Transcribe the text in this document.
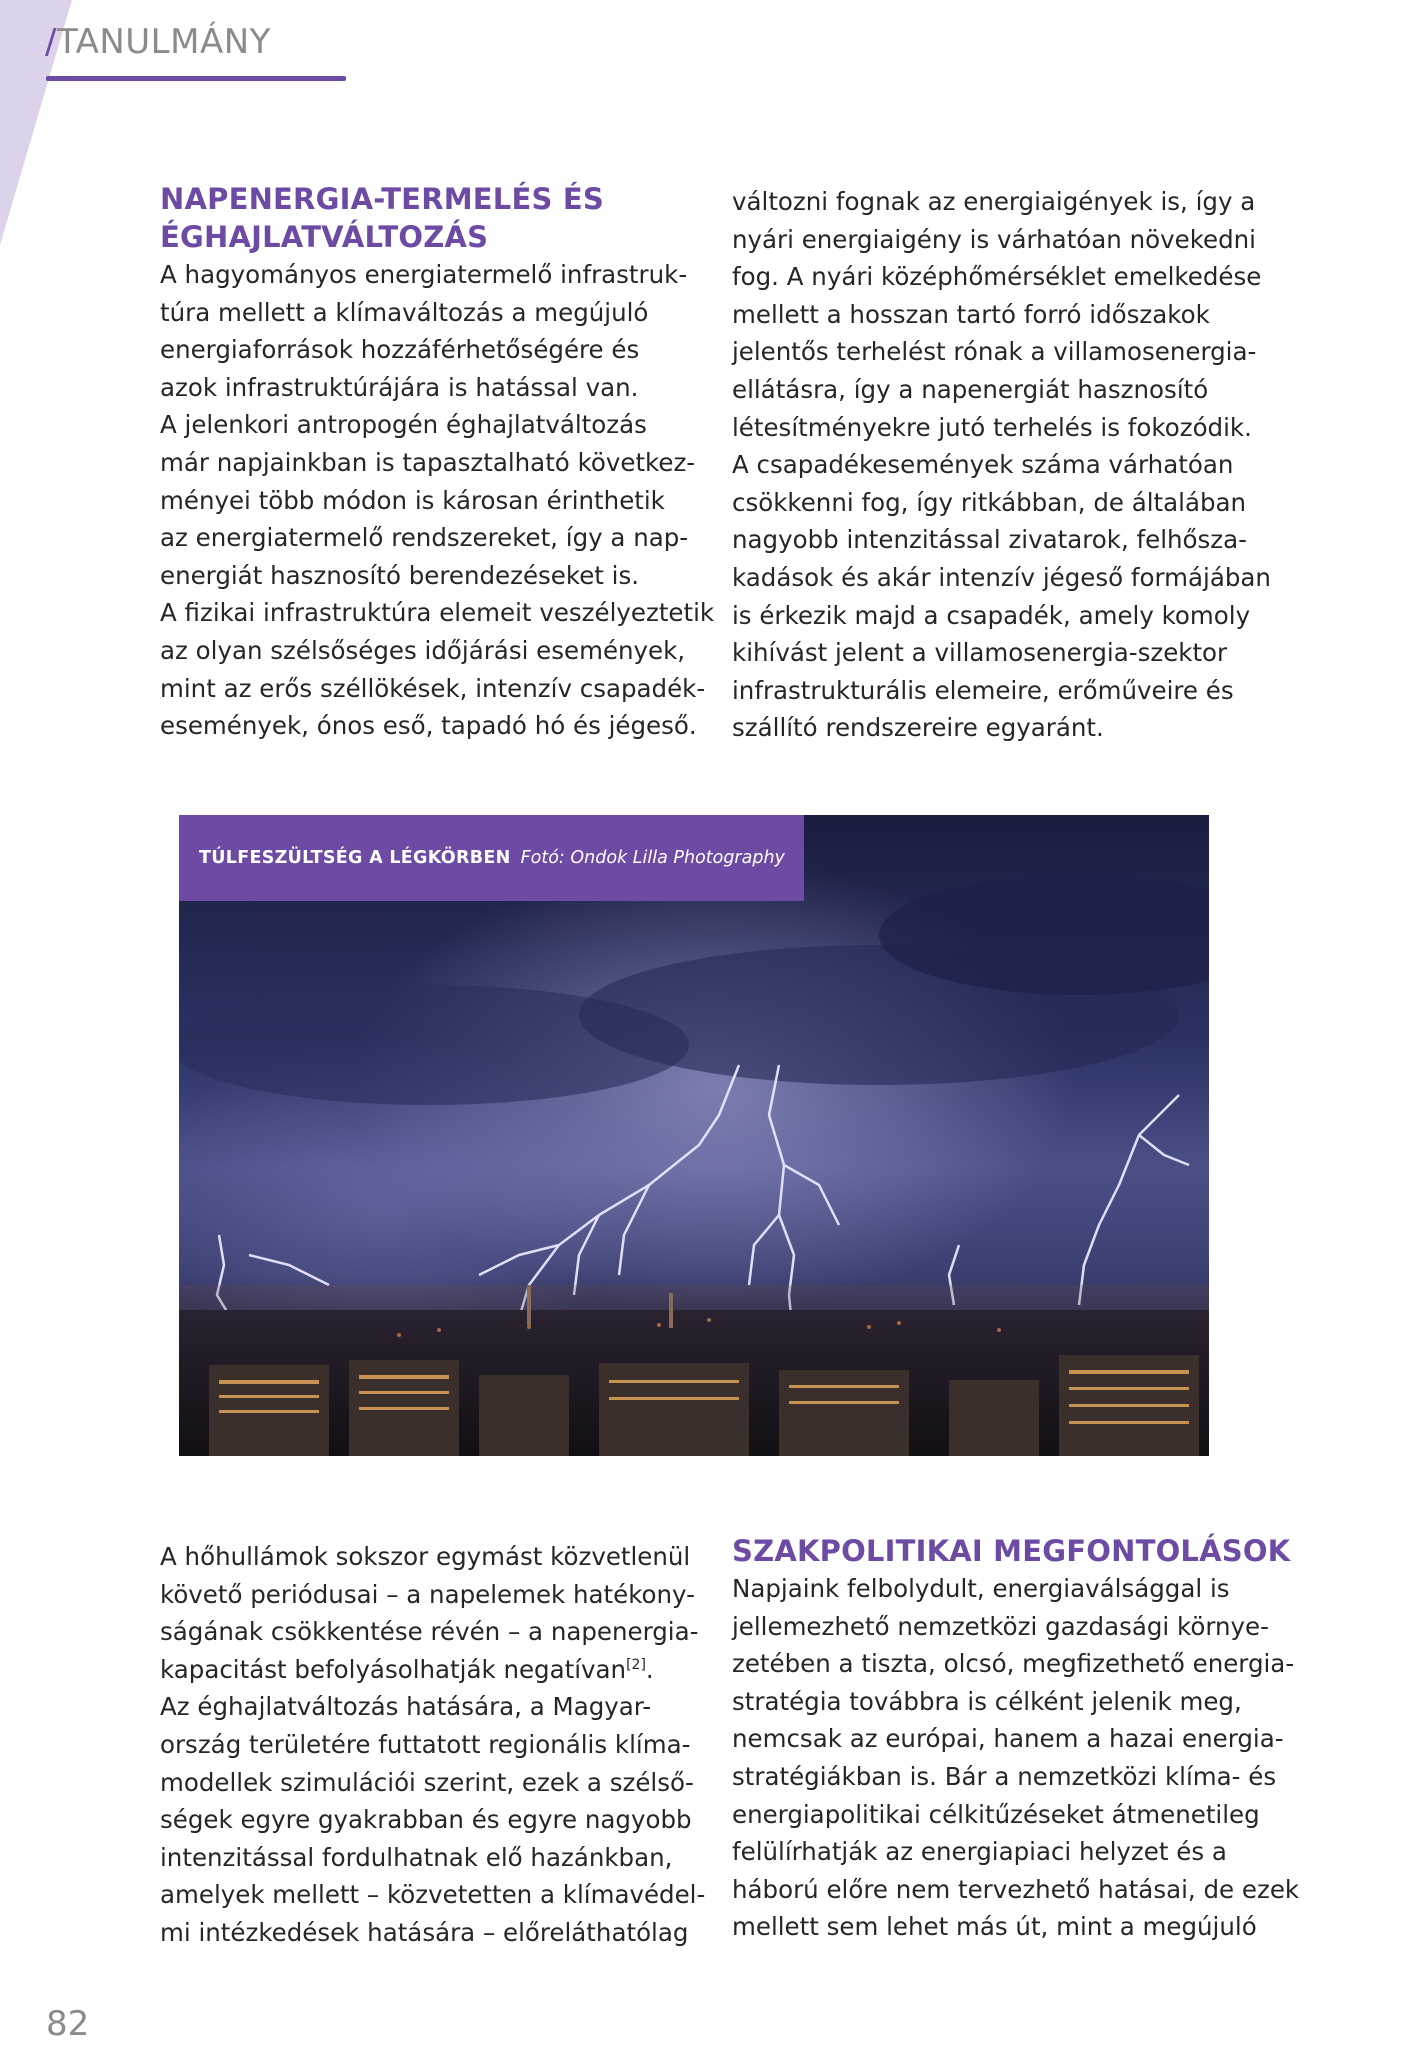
/TANULMÁNY
NAPENERGIA-TERMELÉS ÉS
ÉGHAJLATVÁLTOZÁS
A hagyományos energiatermelő infrastruk-
túra mellett a klímaváltozás a megújuló
energiaforrások hozzáférhetőségére és
azok infrastruktúrájára is hatással van.
A jelenkori antropogén éghajlatváltozás
már napjainkban is tapasztalható következ-
ményei több módon is károsan érinthetik
az energiatermelő rendszereket, így a nap-
energiát hasznosító berendezéseket is.
A fizikai infrastruktúra elemeit veszélyeztetik
az olyan szélsőséges időjárási események,
mint az erős széllökések, intenzív csapadék-
események, ónos eső, tapadó hó és jégeső.
változni fognak az energiaigények is, így a
nyári energiaigény is várhatóan növekedni
fog. A nyári középhőmérséklet emelkedése
mellett a hosszan tartó forró időszakok
jelentős terhelést rónak a villamosenergia-
ellátásra, így a napenergiát hasznosító
létesítményekre jutó terhelés is fokozódik.
A csapadékesemények száma várhatóan
csökkenni fog, így ritkábban, de általában
nagyobb intenzitással zivatarok, felhősza-
kadások és akár intenzív jégeső formájában
is érkezik majd a csapadék, amely komoly
kihívást jelent a villamosenergia-szektor
infrastrukturális elemeire, erőműveire és
szállító rendszereire egyaránt.
TÚLFESZÜLTSÉG A LÉGKÖRBEN Fotó: Ondok Lilla Photography
A hőhullámok sokszor egymást közvetlenül
követő periódusai – a napelemek hatékony-
ságának csökkentése révén – a napenergia-
kapacitást befolyásolhatják negatívan[2].
Az éghajlatváltozás hatására, a Magyar-
ország területére futtatott regionális klíma-
modellek szimulációi szerint, ezek a szélső-
ségek egyre gyakrabban és egyre nagyobb
intenzitással fordulhatnak elő hazánkban,
amelyek mellett – közvetetten a klímavédel-
mi intézkedések hatására – előreláthatólag
SZAKPOLITIKAI MEGFONTOLÁSOK
Napjaink felbolydult, energiaválsággal is
jellemezhető nemzetközi gazdasági környe-
zetében a tiszta, olcsó, megfizethető energia-
stratégia továbbra is célként jelenik meg,
nemcsak az európai, hanem a hazai energia-
stratégiákban is. Bár a nemzetközi klíma- és
energiapolitikai célkitűzéseket átmenetileg
felülírhatják az energiapiaci helyzet és a
háború előre nem tervezhető hatásai, de ezek
mellett sem lehet más út, mint a megújuló
82
